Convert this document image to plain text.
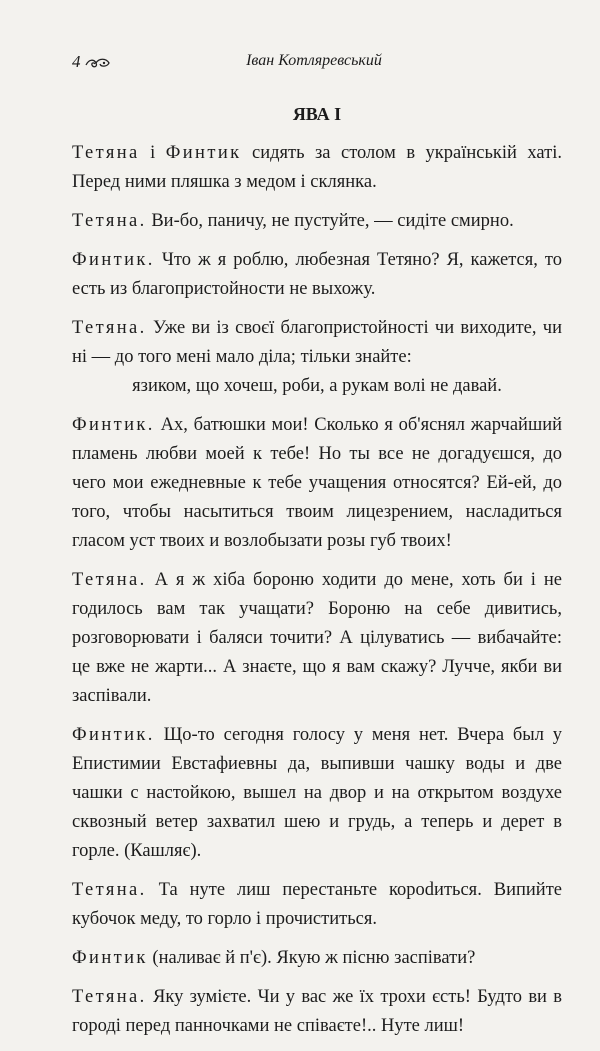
4	Іван Котляревський
ЯВА І

Тетяна і Финтик сидять за столом в українській хаті. Перед ними пляшка з медом і склянка.

Тетяна. Ви-бо, паничу, не пустуйте, — сидіте смирно.

Финтик. Что ж я роблю, любезная Тетяно? Я, кажется, то есть из благопристойности не выхожу.

Тетяна. Уже ви із своєї благопристойності чи виходите, чи ні — до того мені мало діла; тільки знайте:

язиком, що хочеш, роби, а рукам волі не давай.

Финтик. Ах, батюшки мои! Сколько я об'яснял жарчайший пламень любви моей к тебе! Но ты все не догадуєшся, до чего мои ежедневные к тебе учащения относятся? Ей-ей, до того, чтобы насытиться твоим лицезрением, насладиться гласом уст твоих и возлобызати розы губ твоих!

Тетяна. А я ж хіба бороню ходити до мене, хоть би і не годилось вам так учащати? Бороню на себе дивитись, розговорювати і баляси точити? А цілуватись — вибачайте: це вже не жарти... А знаєте, що я вам скажу? Лучче, якби ви заспівали.

Финтик. Що-то сегодня голосу у меня нет. Вчера был у Епистимии Евстафиевны да, выпивши чашку воды и две чашки с настойкою, вышел на двор и на открытом воздухе сквозный ветер захватил шею и грудь, а теперь и дерет в горле. (Кашляє).

Тетяна. Та нуте лиш перестаньте корodиться. Випийте кубочок меду, то горло і прочиститься.

Финтик (наливає й п'є). Якую ж пісню заспівати?

Тетяна. Яку зумієте. Чи у вас же їх трохи єсть! Будто ви в городі перед панночками не співаєте!.. Нуте лиш!
